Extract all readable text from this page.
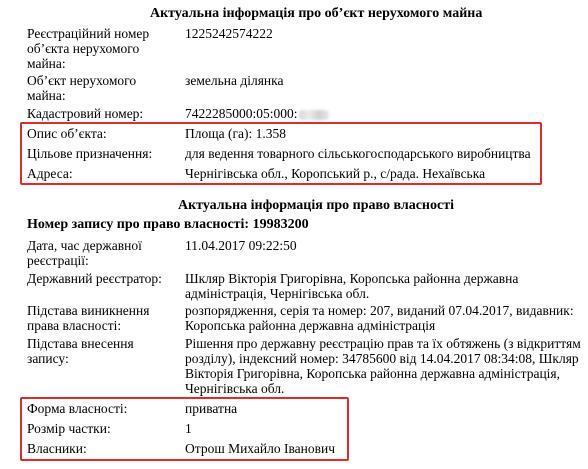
Актуальна інформація про об’єкт нерухомого майна
Реєстраційний номер об’єкта нерухомого майна:
1225242574222
Об’єкт нерухомого майна:
земельна ділянка
Кадастровий номер:	7422285000:05:000:
Опис об’єкта:	Площа (га): 1.358
Цільове призначення:	для ведення товарного сільськогосподарського виробництва
Адреса:	Чернігівська обл., Коропський р., с/рада. Нехаївська
Актуальна інформація про право власності
Номер запису про право власності: 19983200
Дата, час державної реєстрації:
11.04.2017 09:22:50
Державний реєстратор:	Шкляр Вікторія Григорівна, Коропська районна державна адміністрація, Чернігівська обл.
Підстава виникнення права власності:
розпорядження, серія та номер: 207, виданий 07.04.2017, видавник: Коропська районна державна адміністрація
Підстава внесення запису:
Рішення про державну реєстрацію прав та їх обтяжень (з відкриттям розділу), індексний номер: 34785600 від 14.04.2017 08:34:08, Шкляр Вікторія Григорівна, Коропська районна державна адміністрація, Чернігівська обл.
Форма власності:	приватна
Розмір частки:	1
Власники:	Отрош Михайло Іванович
